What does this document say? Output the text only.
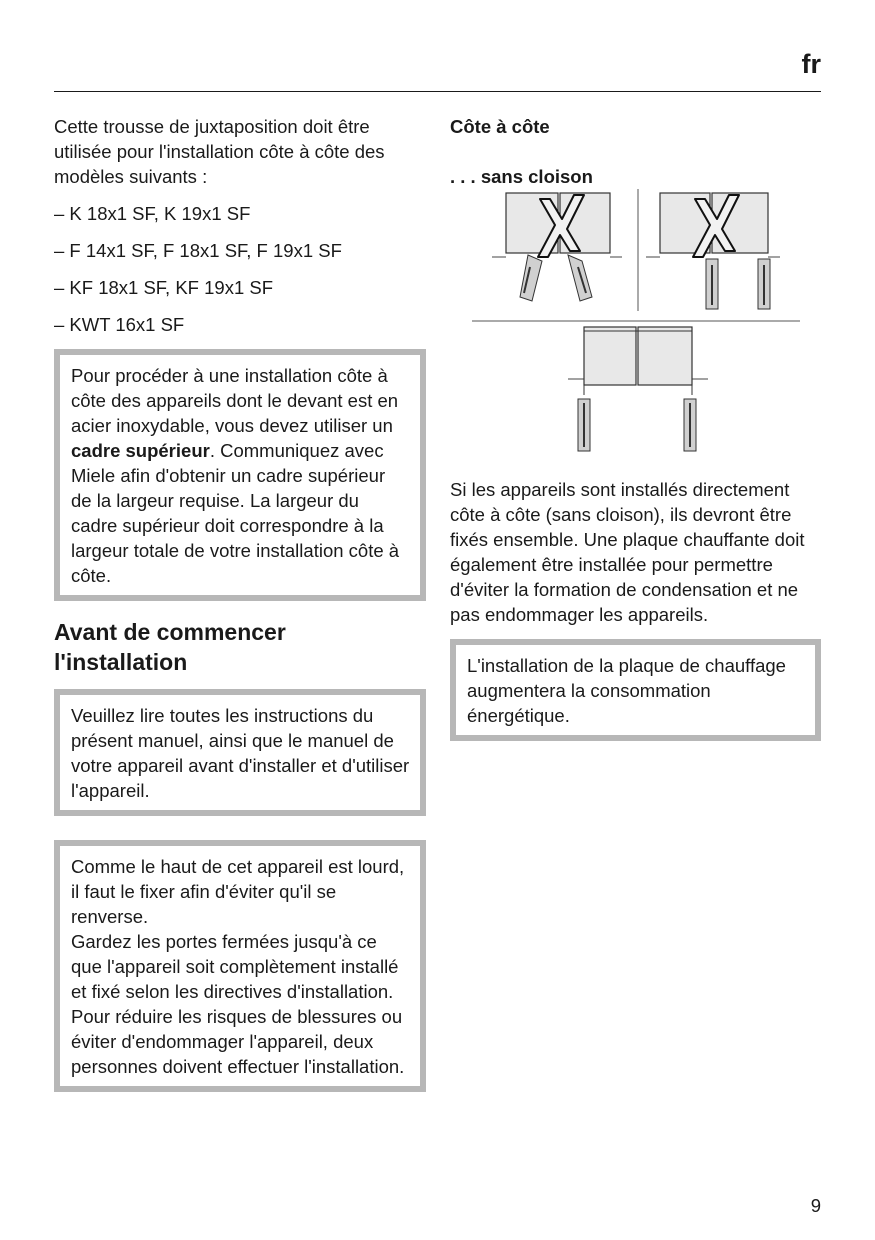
fr

Cette trousse de juxtaposition doit être utilisée pour l'installation côte à côte des modèles suivants :

– K 18x1 SF, K 19x1 SF
– F 14x1 SF, F 18x1 SF, F 19x1 SF
– KF 18x1 SF, KF 19x1 SF
– KWT 16x1 SF

Pour procéder à une installation côte à côte des appareils dont le devant est en acier inoxydable, vous devez utiliser un cadre supérieur. Communiquez avec Miele afin d'obtenir un cadre supérieur de la largeur requise. La largeur du cadre supérieur doit correspondre à la largeur totale de votre installation côte à côte.

Avant de commencer l'installation

Veuillez lire toutes les instructions du présent manuel, ainsi que le manuel de votre appareil avant d'installer et d'utiliser l'appareil.

Comme le haut de cet appareil est lourd, il faut le fixer afin d'éviter qu'il se renverse.

Gardez les portes fermées jusqu'à ce que l'appareil soit complètement installé et fixé selon les directives d'installation.

Pour réduire les risques de blessures ou éviter d'endommager l'appareil, deux personnes doivent effectuer l'installation.

Côte à côte

. . . sans cloison

Si les appareils sont installés directement côte à côte (sans cloison), ils devront être fixés ensemble. Une plaque chauffante doit également être installée pour permettre d'éviter la formation de condensation et ne pas endommager les appareils.

L'installation de la plaque de chauffage augmentera la consommation énergétique.

9
